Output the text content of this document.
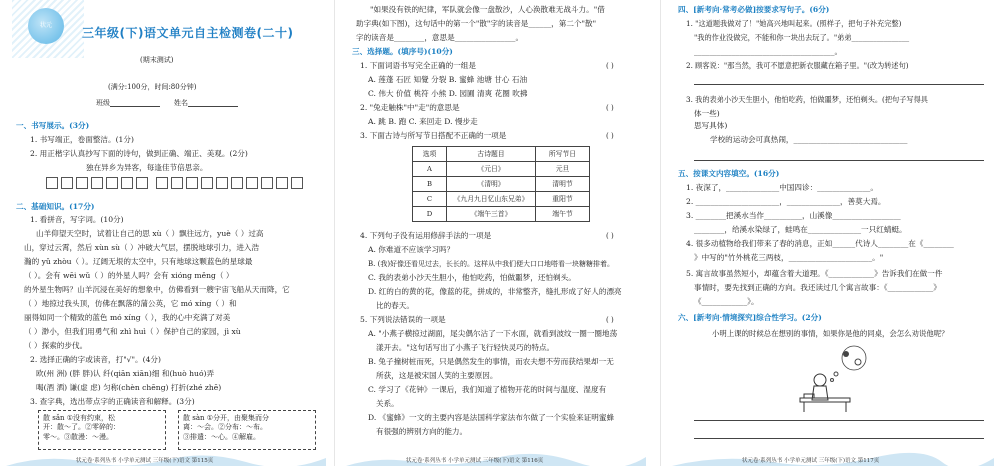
状元
三年级(下)语文单元自主检测卷(二十)
(期末测试)
(满分:100分，时间:80分钟)
班级	姓名
一、书写展示。(3分)
1. 书写端正，卷面整洁。(1分)
2. 用正楷字认真抄写下面的诗句，做到正确、端正、美观。(2分)
独在异乡为异客，每逢佳节倍思亲。
二、基础知识。(17分)
1. 看拼音，写字词。(10分)
山羊仰望天空时，试着让自己的思 xù（ ）飘往远方，yuè（ ）过高
山，穿过云霄，然后 xùn sù（ ）冲破大气层，摆脱地球引力，进入浩
瀚的 yǔ zhòu（ ）。辽阔无垠的太空中，只有地球这颗蓝色的星球最
（ ）。会有 wēi wǔ（ ）的外星人吗？会有 xióng měng（ ）
的外星生物吗？山羊沉浸在美好的想象中，仿佛看到一艘宇宙飞船从天而降，它
（ ）地掠过我头顶，仿佛在飘落的蒲公英，它 mó xíng（ ）和
丽得如同一个精致的蓝色 mó xíng（ ），我的心中充满了对美
（ ）渺小，但我们用勇气和 zhì huì（ ）保护自己的家园，jì xù
（ ）探索的步伐。
2. 选择正确的字或读音，打"√"。(4分)
欧(州 洲) (胖 胖)认 纤(qiān xiān)细 和(huò huó)弄
喝(酒 洒) 谦(虚 虑) 匀称(chèn chēng) 打折(zhé zhē)
3. 查字典，选出带点字的正确读音和解释。(3分)
散 sǎn ①没有约束，松
开：散～了。②零碎的：
零～。③散漫：～漫。
散 sàn ①分开，由聚集而分
离：～会。②分布：～布。
③排遣：～心。④解雇。
状元卷·系列丛书 小学单元测试 三年级(下)语文 第115页
"如果没有铁的纪律，军队就会像一盘散沙，人心涣散难无战斗力。"借
助字典(如下图)，这句话中的第一个"散"字的读音是______，第二个"散"
字的读音是________，意思是________________。
三、选择题。(填序号)(10分)
1. 下面词语书写完全正确的一组是	( )
A. 莲蓬 石匠 知覺 分裂 B. 蜜蜂 池塘 甘心 石油
C. 伟大 价值 桃符 小熊 D. 园圃 清爽 花圈 吹拂
2. "兔走触株"中"走"的意思是	( )
A. 跳 B. 跑 C. 来回走 D. 慢步走
3. 下面古诗与所写节日搭配不正确的一项是	( )
选项	古诗题目	所写节日
A	《元日》	元旦
B	《清明》	清明节
C	《九月九日忆山东兄弟》	重阳节
D	《端午三首》	端午节
4. 下列句子没有运用修辞手法的一项是	( )
A. 你难道不应该学习吗？
B. (我)好像还看见过去，长长的。这样从中我们便大口口地嗒看一块糖糖排着。
C. 我的表弟小沙天生胆小，他怕吃药，怕做噩梦，还怕剃头。
D. 红的白的黄的花，像蓝的花，拼成的，非常整齐，缝扎形成了好人的漂亮
比的春天。
5. 下列说法错误的一项是	( )
A. "小燕子横掠过湖面，尾尖偶尔沾了一下水面，就看到波纹一圈一圈地荡
漾开去。"这句话写出了小燕子飞行轻快灵巧的特点。
B. 兔子撞树桩而死，只是偶然发生的事情，而农夫想不劳而获结果却一无
所获，这是被宋国人笑的主要原因。
C. 学习了《花钟》一课后，我们知道了植物开花的时间与温度、湿度有
关系。
D. 《蜜蜂》一文的主要内容是法国科学家法布尔做了一个实验来证明蜜蜂
有很强的辨别方向的能力。
状元卷·系列丛书 小学单元测试 三年级(下)语文 第116页
四、[新考向·常考必做]按要求写句子。(6分)
1. "这道题我做对了！"她高兴地叫起来。(照样子，把句子补充完整)
"我的作业没做完，不能和你一块出去玩了。"弟弟________________
_____________________________________。
2. 顾客说："那当然，我可不愿意把新衣服藏在箱子里。"(改为转述句)
3. 我的表弟小沙天生胆小，他怕吃药，怕做噩梦，还怕剃头。(把句子写得具
体一些)
思写具体)
学校的运动会可真热闹，______________________________
五、按课文内容填空。(16分)
1. 夜深了，______________中国四诊：______________。
2. ______________________，______________，善莫大焉。
3. ________把溪水当作__________，山溪像__________________
________，给溪水染绿了，蛙鸣在______________一只红蜻蜓。
4. 很多动植物给我们带来了春的消息，正如______代诗人________在《________
》中写的"竹外桃花三两枝，______________________。"
5. 寓言故事虽然短小，却蕴含着大道理。《____________》告诉我们在做一件
事情时，要先找到正确的方向。我还读过几个寓言故事：《____________》
《____________》。
六、[新考向·情境探究]综合性学习。(2分)
小明上课的时候总在想别的事情，如果你是他的同桌，会怎么劝说他呢？
状元卷·系列丛书 小学单元测试 三年级(下)语文 第117页
